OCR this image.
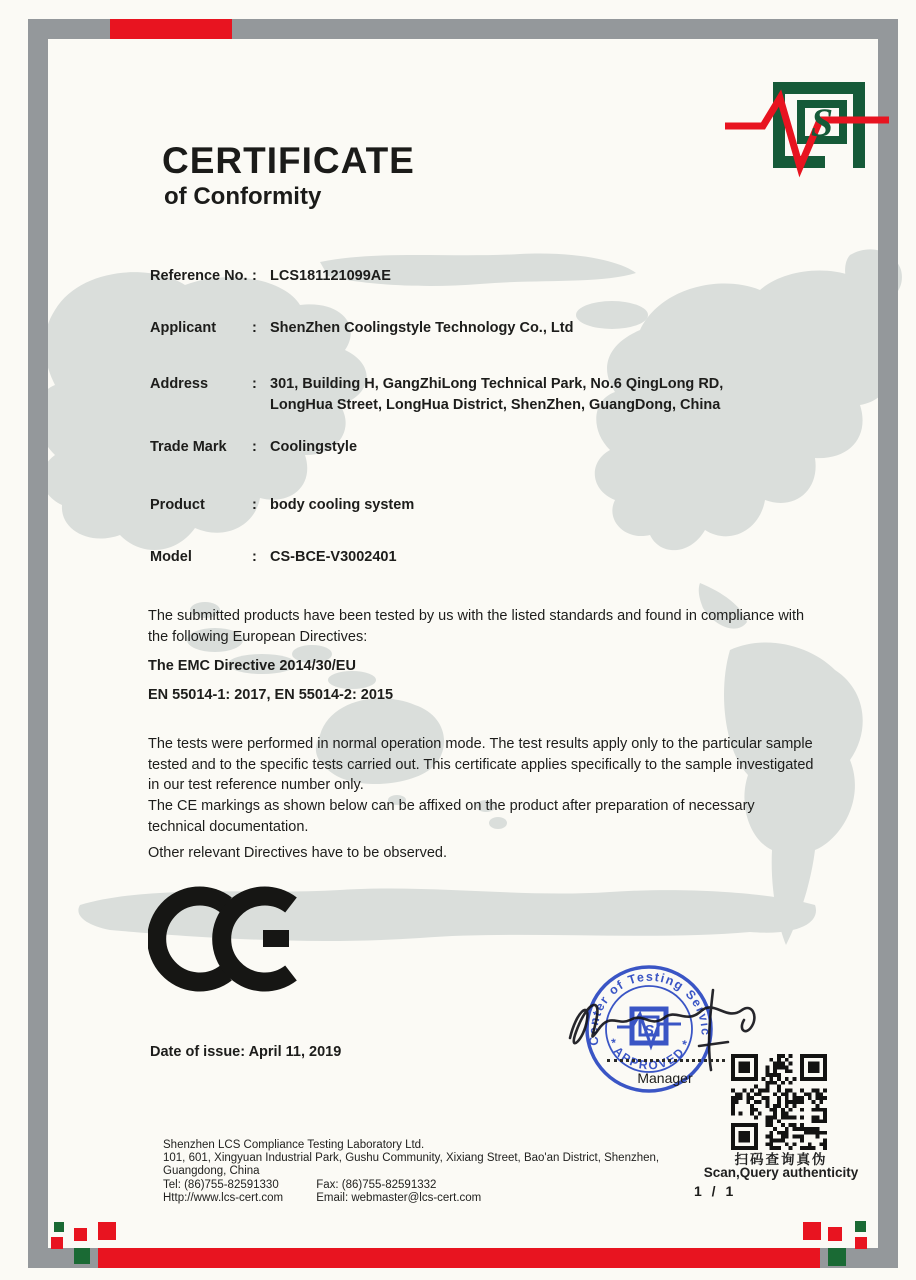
S
CERTIFICATE
of Conformity
Reference No. : LCS181121099AE
Applicant	: ShenZhen Coolingstyle Technology Co., Ltd
Address	: 301, Building H, GangZhiLong Technical Park, No.6 QingLong RD,
LongHua Street, LongHua District, ShenZhen, GuangDong, China
Trade Mark	: Coolingstyle
Product	: body cooling system
Model	: CS-BCE-V3002401
The submitted products have been tested by us with the listed standards and found in compliance with the following European Directives:
The EMC Directive 2014/30/EU
EN 55014-1: 2017, EN 55014-2: 2015
The tests were performed in normal operation mode. The test results apply only to the particular sample tested and to the specific tests carried out. This certificate applies specifically to the sample investigated in our test reference number only.
The CE markings as shown below can be affixed on the product after preparation of necessary technical documentation.
Other relevant Directives have to be observed.
Date of issue: April 11, 2019
Center of Testing Servic
* APPROVED *
S
Manager
扫码查询真伪
Scan,Query authenticity
Shenzhen LCS Compliance Testing Laboratory Ltd.
101, 601, Xingyuan Industrial Park, Gushu Community, Xixiang Street, Bao'an District, Shenzhen,
Guangdong, China
Tel: (86)755-82591330	Fax: (86)755-82591332
Http://www.lcs-cert.com	Email: webmaster@lcs-cert.com	1 / 1
